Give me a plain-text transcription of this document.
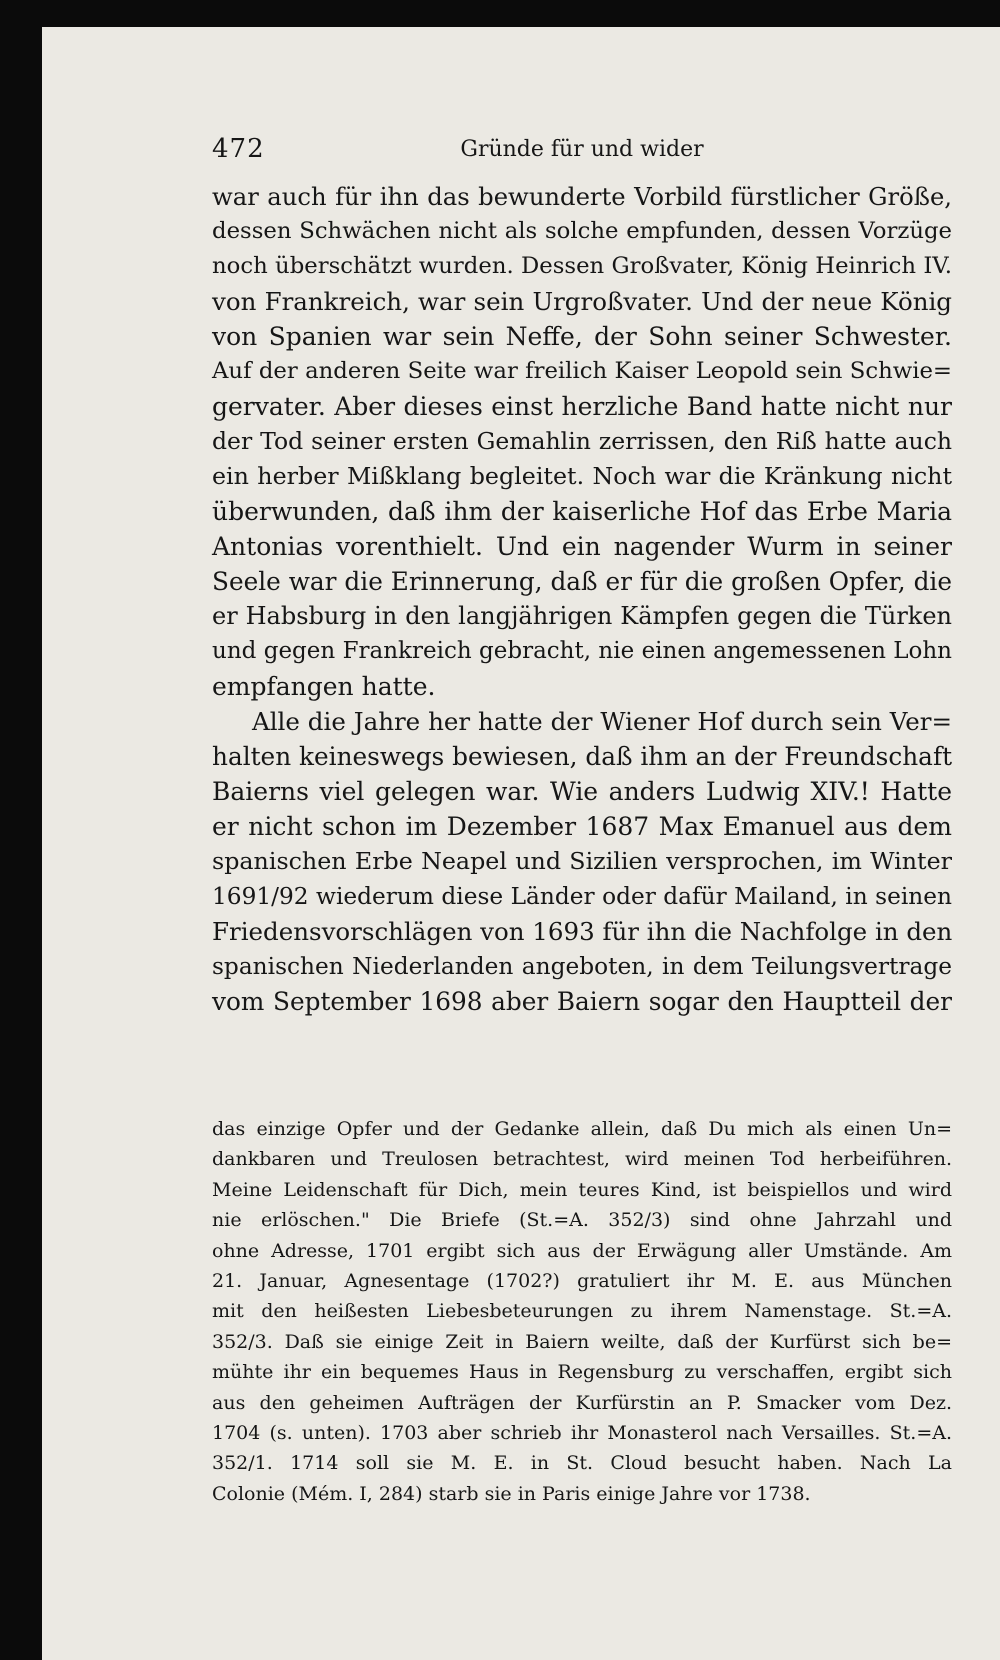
472	Gründe für und wider
war auch für ihn das bewunderte Vorbild fürstlicher Größe,
dessen Schwächen nicht als solche empfunden, dessen Vorzüge
noch überschätzt wurden. Dessen Großvater, König Heinrich IV.
von Frankreich, war sein Urgroßvater. Und der neue König
von Spanien war sein Neffe, der Sohn seiner Schwester.
Auf der anderen Seite war freilich Kaiser Leopold sein Schwie=
gervater. Aber dieses einst herzliche Band hatte nicht nur
der Tod seiner ersten Gemahlin zerrissen, den Riß hatte auch
ein herber Mißklang begleitet. Noch war die Kränkung nicht
überwunden, daß ihm der kaiserliche Hof das Erbe Maria
Antonias vorenthielt. Und ein nagender Wurm in seiner
Seele war die Erinnerung, daß er für die großen Opfer, die
er Habsburg in den langjährigen Kämpfen gegen die Türken
und gegen Frankreich gebracht, nie einen angemessenen Lohn
empfangen hatte.
Alle die Jahre her hatte der Wiener Hof durch sein Ver=
halten keineswegs bewiesen, daß ihm an der Freundschaft
Baierns viel gelegen war. Wie anders Ludwig XIV.! Hatte
er nicht schon im Dezember 1687 Max Emanuel aus dem
spanischen Erbe Neapel und Sizilien versprochen, im Winter
1691/92 wiederum diese Länder oder dafür Mailand, in seinen
Friedensvorschlägen von 1693 für ihn die Nachfolge in den
spanischen Niederlanden angeboten, in dem Teilungsvertrage
vom September 1698 aber Baiern sogar den Hauptteil der
das einzige Opfer und der Gedanke allein, daß Du mich als einen Un=
dankbaren und Treulosen betrachtest, wird meinen Tod herbeiführen.
Meine Leidenschaft für Dich, mein teures Kind, ist beispiellos und wird
nie erlöschen." Die Briefe (St.=A. 352/3) sind ohne Jahrzahl und
ohne Adresse, 1701 ergibt sich aus der Erwägung aller Umstände. Am
21. Januar, Agnesentage (1702?) gratuliert ihr M. E. aus München
mit den heißesten Liebesbeteurungen zu ihrem Namenstage. St.=A.
352/3. Daß sie einige Zeit in Baiern weilte, daß der Kurfürst sich be=
mühte ihr ein bequemes Haus in Regensburg zu verschaffen, ergibt sich
aus den geheimen Aufträgen der Kurfürstin an P. Smacker vom Dez.
1704 (s. unten). 1703 aber schrieb ihr Monasterol nach Versailles. St.=A.
352/1. 1714 soll sie M. E. in St. Cloud besucht haben. Nach La
Colonie (Mém. I, 284) starb sie in Paris einige Jahre vor 1738.
